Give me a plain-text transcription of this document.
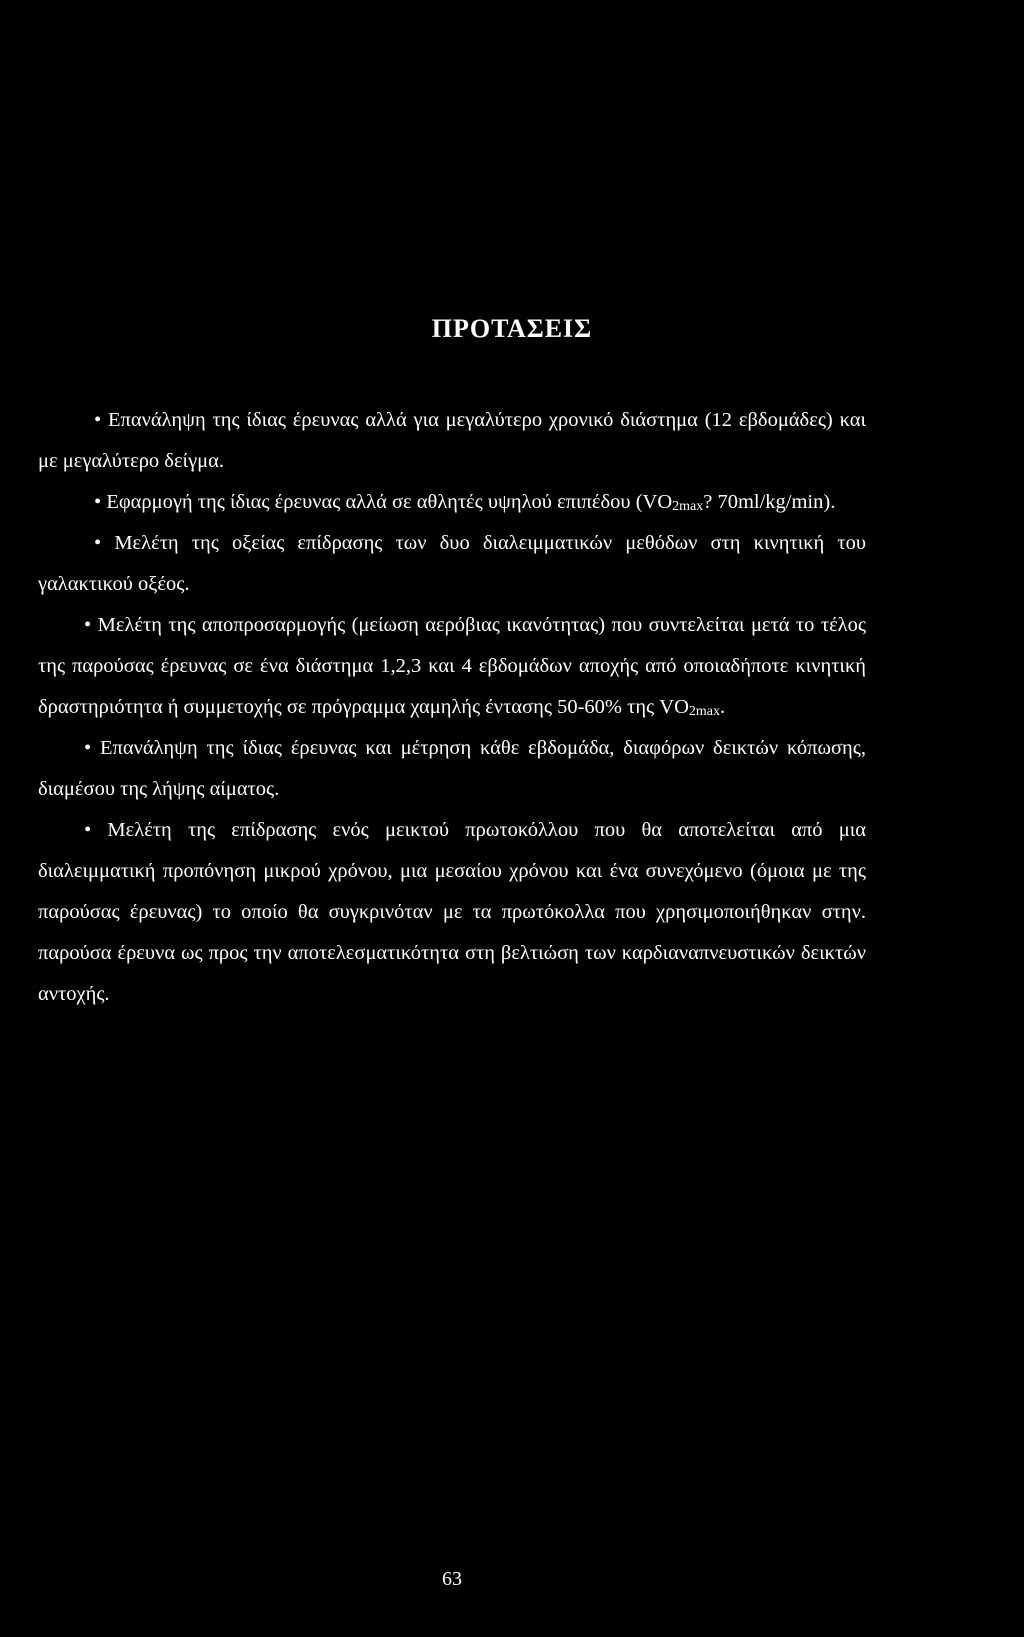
ΠΡΟΤΑΣΕΙΣ

• Επανάληψη της ίδιας έρευνας αλλά για μεγαλύτερο χρονικό διάστημα (12 εβδομάδες) και με μεγαλύτερο δείγμα.

• Εφαρμογή της ίδιας έρευνας αλλά σε αθλητές υψηλού επιπέδου ($VO_{2max}$? 70ml/kg/min).

• Μελέτη της οξείας επίδρασης των δυο διαλειμματικών μεθόδων στη κινητική του γαλακτικού οξέος.

• Μελέτη της αποπροσαρμογής (μείωση αερόβιας ικανότητας) που συντελείται μετά το τέλος της παρούσας έρευνας σε ένα διάστημα 1,2,3 και 4 εβδομάδων αποχής από οποιαδήποτε κινητική δραστηριότητα ή συμμετοχής σε πρόγραμμα χαμηλής έντασης 50-60% της $VO_{2max}$.

• Επανάληψη της ίδιας έρευνας και μέτρηση κάθε εβδομάδα, διαφόρων δεικτών κόπωσης, διαμέσου της λήψης αίματος.

• Μελέτη της επίδρασης ενός μεικτού πρωτοκόλλου που θα αποτελείται από μια διαλειμματική προπόνηση μικρού χρόνου, μια μεσαίου χρόνου και ένα συνεχόμενο (όμοια με της παρούσας έρευνας) το οποίο θα συγκρινόταν με τα πρωτόκολλα που χρησιμοποιήθηκαν στην. παρούσα έρευνα ως προς την αποτελεσματικότητα στη βελτιώση των καρδιαναπνευστικών δεικτών αντοχής.

63
